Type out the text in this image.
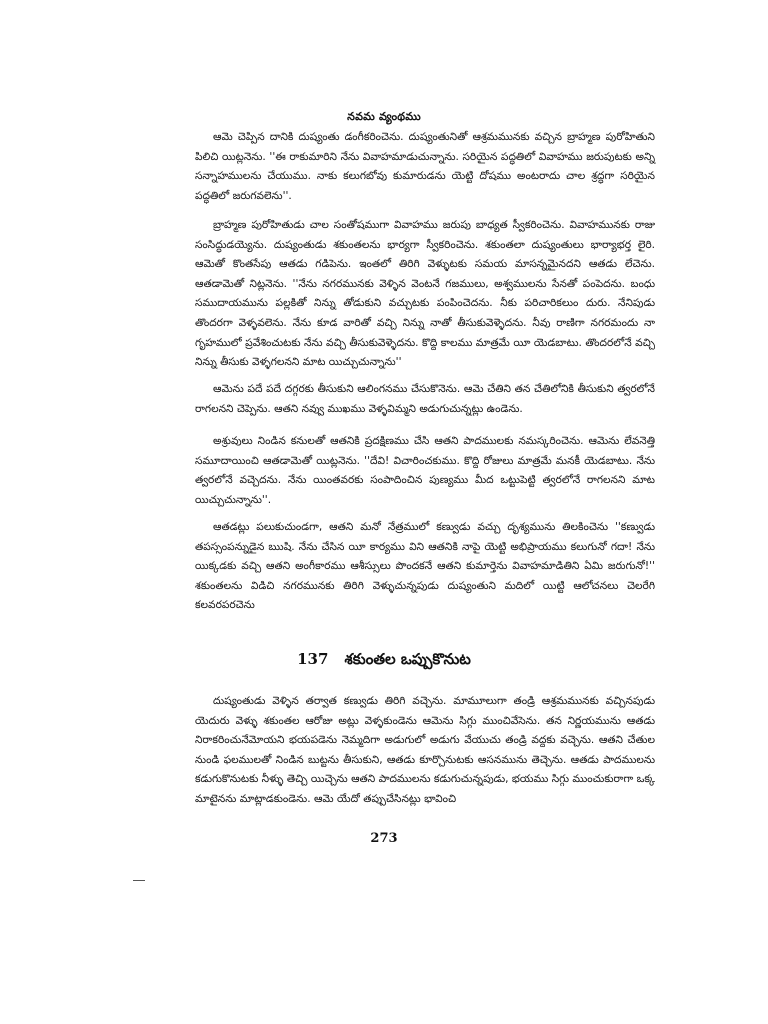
నవమ వ్యంథము
ఆమె చెప్పిన దానికి దుష్యంతు డంగీకరించెను. దుష్యంతునితో ఆశ్రమమునకు వచ్చిన బ్రాహ్మణ పురోహితుని పిలిచి యిట్లనెను. ''ఈ రాకుమారిని నేను వివాహమాడుచున్నాను. సరియైన పద్ధతిలో వివాహము జరుపుటకు అన్ని సన్నాహములను చేయుము. నాకు కలుగబోవు కుమారుడను యెట్టి దోషము అంటరాదు చాల శ్రద్ధగా సరియైన పద్ధతిలో జరుగవలెను''.
బ్రాహ్మణ పురోహితుడు చాల సంతోషముగా వివాహము జరుపు బాధ్యత స్వీకరించెను. వివాహమునకు రాజు సంసిద్ధుడయ్యెను. దుష్యంతుడు శకుంతలను భార్యగా స్వీకరించెను. శకుంతలా దుష్యంతులు భార్యాభర్త లైరి. ఆమెతో కొంతసేపు ఆతడు గడిపెను. ఇంతలో తిరిగి వెళ్ళుటకు సమయ మాసన్నమైనదని ఆతడు లేచెను. ఆతడామెతో నిట్లనెను. ''నేను నగరమునకు వెళ్ళిన వెంటనే గజములు, అశ్వములను సేనతో పంపెదను. బంధు సముదాయమును పల్లకితో నిన్ను తోడుకుని వచ్చుటకు పంపించెదను. నీకు పరిచారికలుం దురు. నేనిపుడు తొందరగా వెళ్ళవలెను. నేను కూడ వారితో వచ్చి నిన్ను నాతో తీసుకువెళ్ళెదను. నీవు రాణిగా నగరమందు నా గృహములో ప్రవేశించుటకు నేను వచ్చి తీసుకువెళ్ళెదను. కొద్ది కాలము మాత్రమే యీ యెడబాటు. తొందరలోనే వచ్చి నిన్ను తీసుకు వెళ్ళగలనని మాట యిచ్చుచున్నాను''
ఆమెను పదే పదే దగ్గరకు తీసుకుని ఆలింగనము చేసుకొనెను. ఆమె చేతిని తన చేతిలోనికి తీసుకుని త్వరలోనే రాగలనని చెప్పెను. ఆతని నవ్వు ముఖము వెళ్ళవిమ్మని అడుగుచున్నట్లు ఉండెను.
అశ్రువులు నిండిన కనులతో ఆతనికి ప్రదక్షిణము చేసి ఆతని పాదములకు నమస్కరించెను. ఆమెను లేవనెత్తి సమూదాయించి ఆతడామెతో యిట్లనెను. ''దేవి! విచారించకుము. కొద్ది రోజులు మాత్రమే మనకీ యెడబాటు. నేను త్వరలోనే వచ్చెదను. నేను యింతవరకు సంపాదించిన పుణ్యము మీద ఒట్టుపెట్టి త్వరలోనే రాగలనని మాట యిచ్చుచున్నాను''.
ఆతడట్లు పలుకుచుండగా, ఆతని మనో నేత్రములో కణ్వుడు వచ్చు దృశ్యమును తిలకించెను ''కణ్వుడు తపస్సంపన్నుడైన ఋషి. నేను చేసిన యీ కార్యము విని ఆతనికి నాపై యెట్టి అభిప్రాయము కలుగునో గదా! నేను యిక్కడకు వచ్చి ఆతని అంగీకారము ఆశీస్సులు పొందకనే ఆతని కుమార్తెను వివాహమాడితిని ఏమి జరుగునో!'' శకుంతలను విడిచి నగరమునకు తిరిగి వెళ్ళుచున్నపుడు దుష్యంతుని మదిలో యిట్టి ఆలోచనలు చెలరేగి కలవరపరచెను
137 శకుంతల ఒప్పుకొనుట
దుష్యంతుడు వెళ్ళిన తర్వాత కణ్వుడు తిరిగి వచ్చెను. మామూలుగా తండ్రి ఆశ్రమమునకు వచ్చినపుడు యెదురు వెళ్ళు శకుంతల ఆరోజు అట్లు వెళ్ళకుండెను ఆమెను సిగ్గు ముంచివేసెను. తన నిర్ణయమును ఆతడు నిరాకరించునేమోయని భయపడెను నెమ్మదిగా అడుగులో అడుగు వేయుచు తండ్రి వద్దకు వచ్చెను. ఆతని చేతుల నుండి ఫలములతో నిండిన బుట్టను తీసుకుని, ఆతడు కూర్చొనుటకు ఆసనమును తెచ్చెను. ఆతడు పాదములను కడుగుకొనుటకు నీళ్ళు తెచ్చి యిచ్చెను ఆతని పాదములను కడుగుచున్నపుడు, భయము సిగ్గు ముంచుకురాగా ఒక్క మాటైనను మాట్లాడకుండెను. ఆమె యేదో తప్పుచేసినట్లు భావించి
273
